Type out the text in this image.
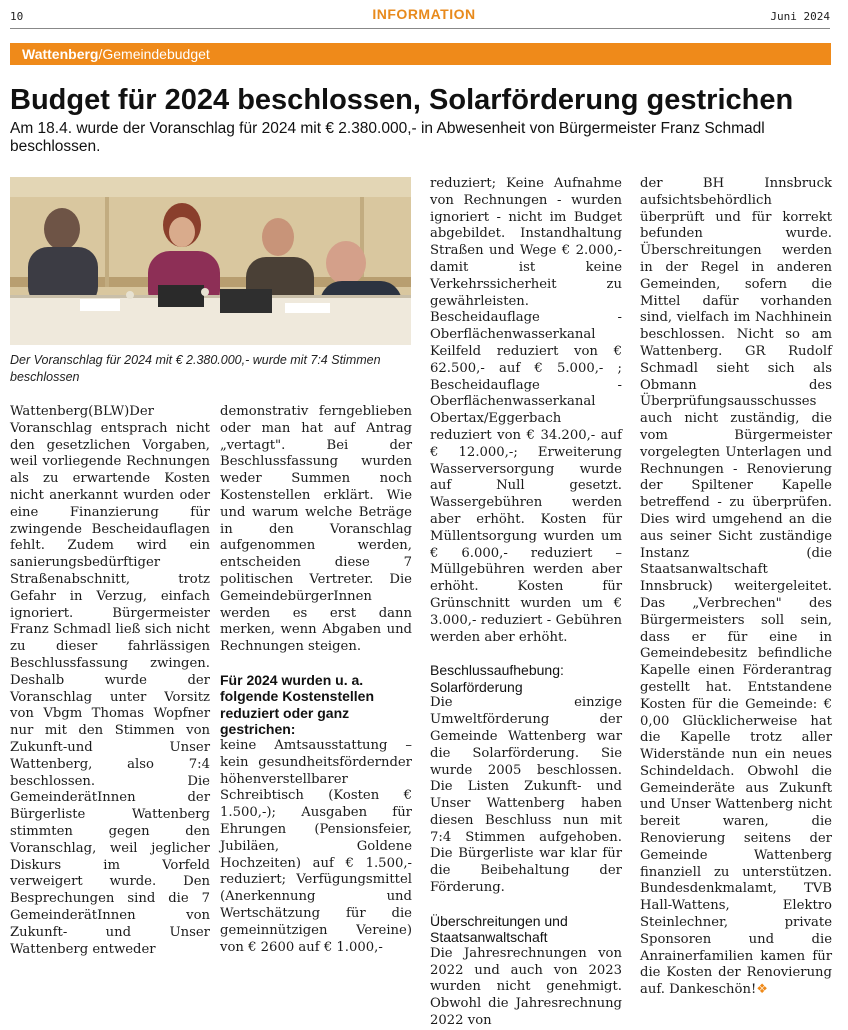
10	INFORMATION	Juni 2024
Wattenberg/Gemeindebudget
Budget für 2024 beschlossen, Solarförderung gestrichen
Am 18.4. wurde der Voranschlag für 2024 mit € 2.380.000,- in Abwesenheit von Bürgermeister Franz Schmadl beschlossen.
Der Voranschlag für 2024 mit € 2.380.000,- wurde mit 7:4 Stimmen beschlossen

Wattenberg(BLW)Der Voranschlag entsprach nicht den gesetzlichen Vorgaben, weil vorliegende Rechnungen als zu erwartende Kosten nicht anerkannt wurden oder eine Finanzierung für zwingende Bescheidauflagen fehlt. Zudem wird ein sanierungsbedürftiger Straßenabschnitt, trotz Gefahr in Verzug, einfach ignoriert. Bürgermeister Franz Schmadl ließ sich nicht zu dieser fahrlässigen Beschlussfassung zwingen. Deshalb wurde der Voranschlag unter Vorsitz von Vbgm Thomas Wopfner nur mit den Stimmen von Zukunft-und Unser Wattenberg, also 7:4 beschlossen. Die GemeinderätInnen der Bürgerliste Wattenberg stimmten gegen den Voranschlag, weil jeglicher Diskurs im Vorfeld verweigert wurde. Den Besprechungen sind die 7 GemeinderätInnen von Zukunft- und Unser Wattenberg entweder

demonstrativ ferngeblieben oder man hat auf Antrag „vertagt". Bei der Beschlussfassung wurden weder Summen noch Kostenstellen erklärt. Wie und warum welche Beträge in den Voranschlag aufgenommen werden, entscheiden diese 7 politischen Vertreter. Die GemeindebürgerInnen werden es erst dann merken, wenn Abgaben und Rechnungen steigen.

Für 2024 wurden u. a. folgende Kostenstellen reduziert oder ganz gestrichen:

keine Amtsausstattung – kein gesundheitsfördernder höhenverstellbarer Schreibtisch (Kosten € 1.500,-); Ausgaben für Ehrungen (Pensionsfeier, Jubiläen, Goldene Hochzeiten) auf € 1.500,- reduziert; Verfügungsmittel (Anerkennung und Wertschätzung für die gemeinnützigen Vereine) von € 2600 auf € 1.000,-

reduziert; Keine Aufnahme von Rechnungen - wurden ignoriert - nicht im Budget abgebildet. Instandhaltung Straßen und Wege € 2.000,- damit ist keine Verkehrssicherheit zu gewährleisten. Bescheidauflage - Oberflächenwasserkanal Keilfeld reduziert von € 62.500,- auf € 5.000,- ; Bescheidauflage - Oberflächenwasserkanal Obertax/Eggerbach reduziert von € 34.200,- auf € 12.000,-; Erweiterung Wasserversorgung wurde auf Null gesetzt. Wassergebühren werden aber erhöht. Kosten für Müllentsorgung wurden um € 6.000,- reduziert – Müllgebühren werden aber erhöht. Kosten für Grünschnitt wurden um € 3.000,- reduziert - Gebühren werden aber erhöht.

Beschlussaufhebung: Solarförderung

Die einzige Umweltförderung der Gemeinde Wattenberg war die Solarförderung. Sie wurde 2005 beschlossen. Die Listen Zukunft- und Unser Wattenberg haben diesen Beschluss nun mit 7:4 Stimmen aufgehoben. Die Bürgerliste war klar für die Beibehaltung der Förderung.

Überschreitungen und Staatsanwaltschaft

Die Jahresrechnungen von 2022 und auch von 2023 wurden nicht genehmigt. Obwohl die Jahresrechnung 2022 von

der BH Innsbruck aufsichtsbehördlich überprüft und für korrekt befunden wurde. Überschreitungen werden in der Regel in anderen Gemeinden, sofern die Mittel dafür vorhanden sind, vielfach im Nachhinein beschlossen. Nicht so am Wattenberg. GR Rudolf Schmadl sieht sich als Obmann des Überprüfungsausschusses auch nicht zuständig, die vom Bürgermeister vorgelegten Unterlagen und Rechnungen - Renovierung der Spiltener Kapelle betreffend - zu überprüfen. Dies wird umgehend an die aus seiner Sicht zuständige Instanz (die Staatsanwaltschaft Innsbruck) weitergeleitet. Das „Verbrechen" des Bürgermeisters soll sein, dass er für eine in Gemeindebesitz befindliche Kapelle einen Förderantrag gestellt hat. Entstandene Kosten für die Gemeinde: € 0,00 Glücklicherweise hat die Kapelle trotz aller Widerstände nun ein neues Schindeldach. Obwohl die Gemeinderäte aus Zukunft und Unser Wattenberg nicht bereit waren, die Renovierung seitens der Gemeinde Wattenberg finanziell zu unterstützen. Bundesdenkmalamt, TVB Hall-Wattens, Elektro Steinlechner, private Sponsoren und die Anrainerfamilien kamen für die Kosten der Renovierung auf. Dankeschön!❖
